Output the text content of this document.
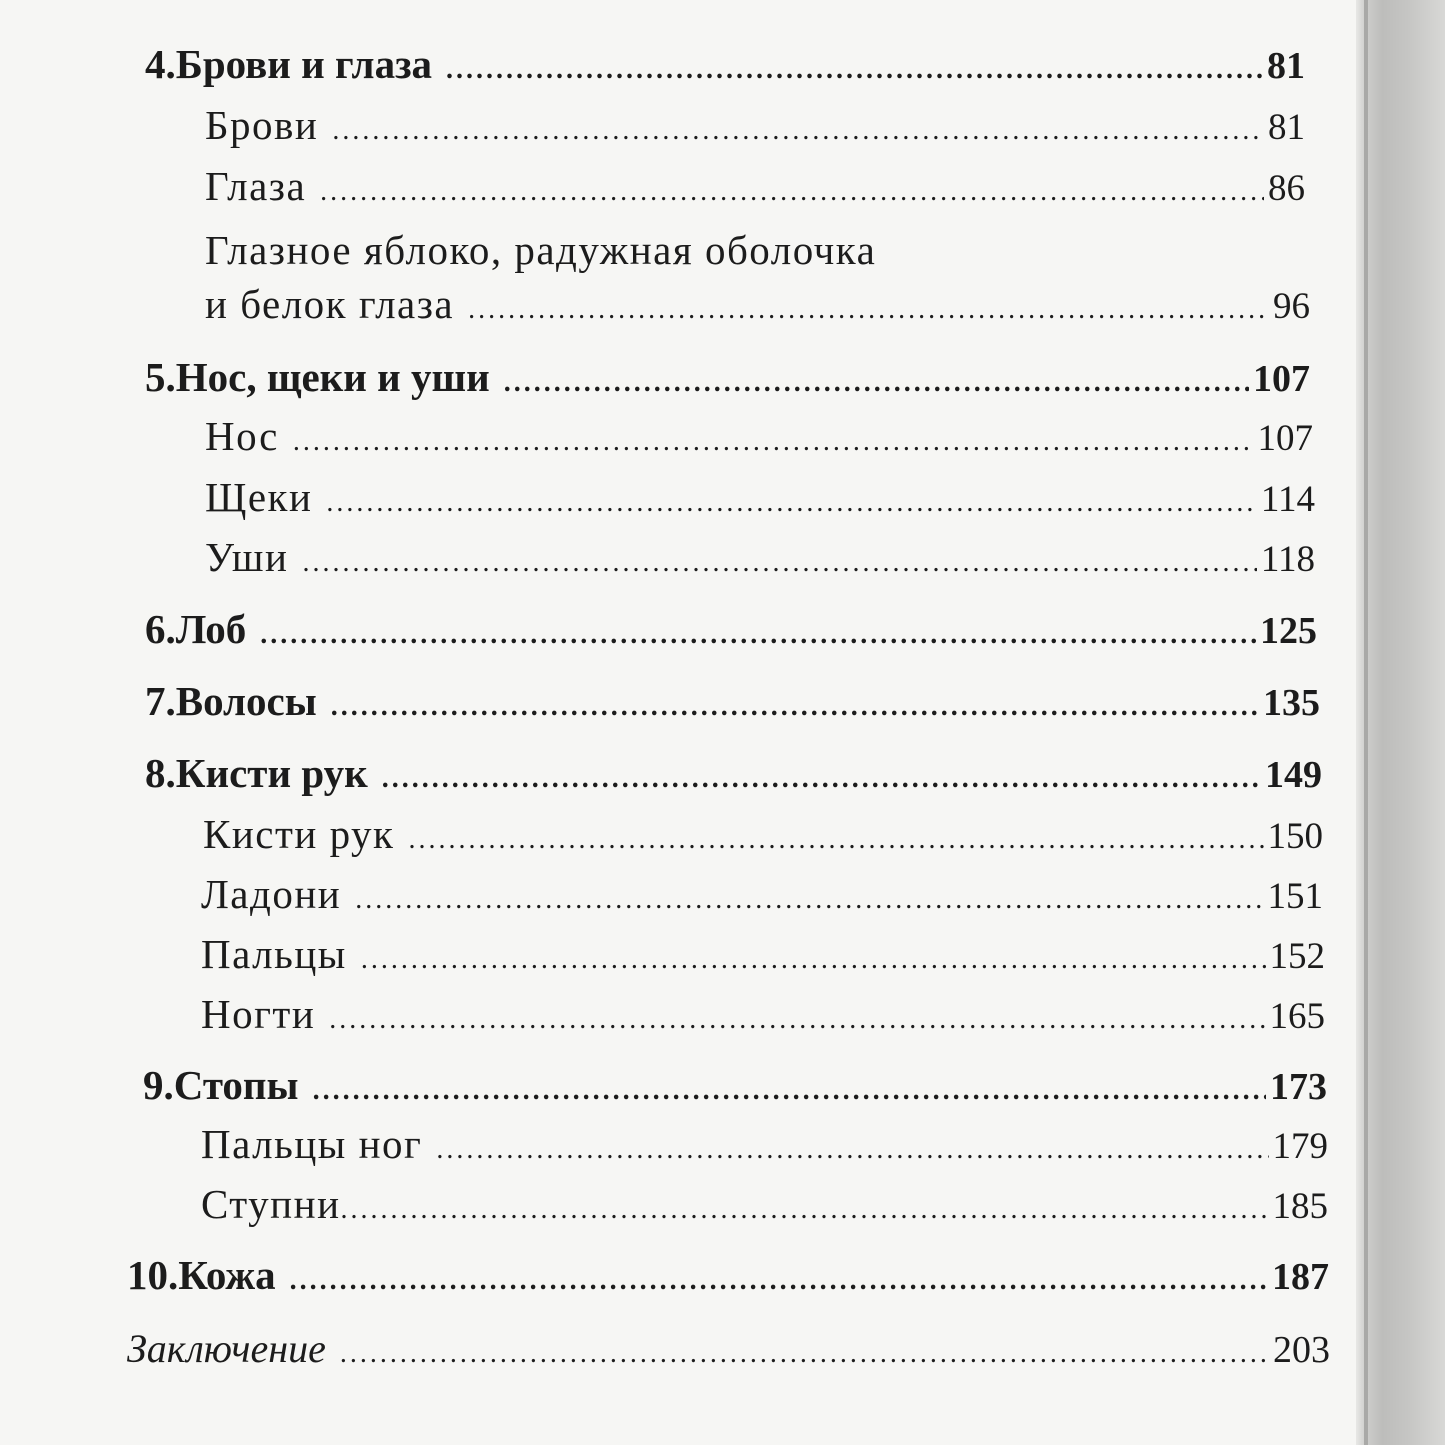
4. Брови и глаза .....	81
Брови .....	81
Глаза .....	86
Глазное яблоко, радужная оболочка
и белок глаза .....	96
5. Нос, щеки и уши .....	107
Нос .....	107
Щеки .....	114
Уши .....	118
6. Лоб .....	125
7. Волосы .....	135
8. Кисти рук .....	149
Кисти рук .....	150
Ладони .....	151
Пальцы .....	152
Ногти .....	165
9. Стопы .....	173
Пальцы ног .....	179
Ступни .....	185
10. Кожа .....	187
Заключение .....	203
